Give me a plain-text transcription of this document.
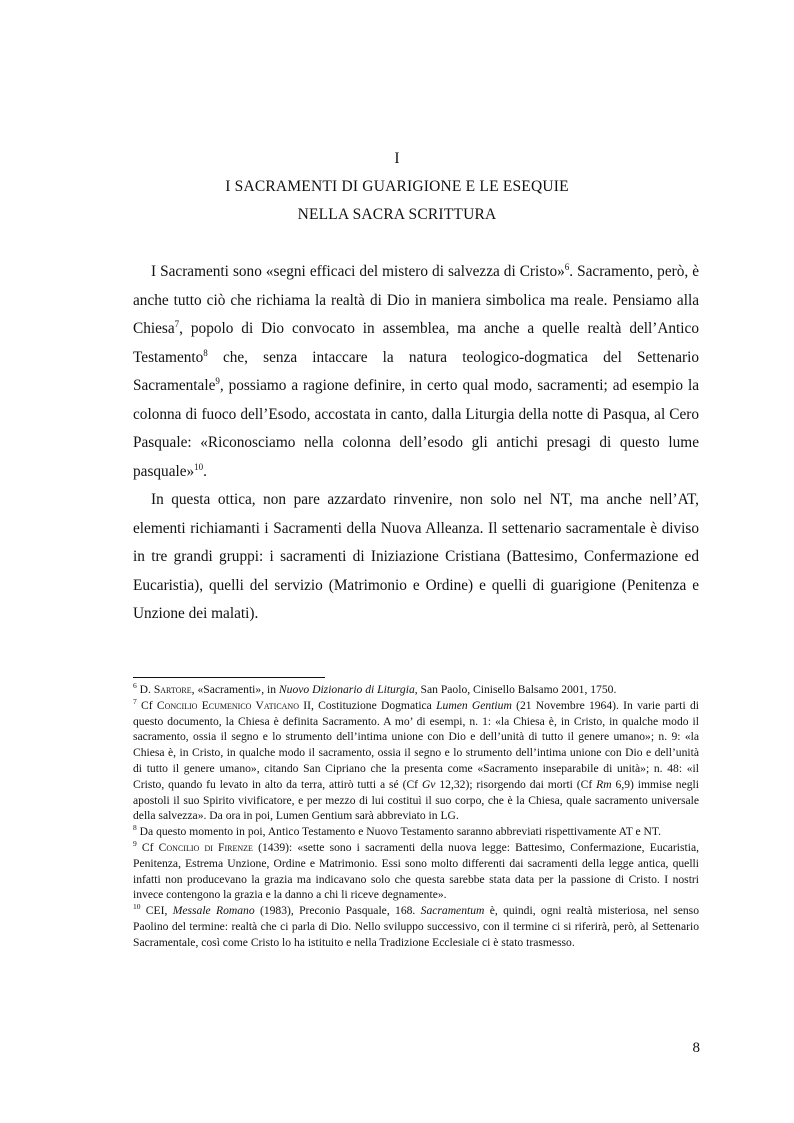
I
I SACRAMENTI DI GUARIGIONE E LE ESEQUIE
NELLA SACRA SCRITTURA

I Sacramenti sono «segni efficaci del mistero di salvezza di Cristo»$^6$. Sacramento, però, è anche tutto ciò che richiama la realtà di Dio in maniera simbolica ma reale. Pensiamo alla Chiesa$^7$, popolo di Dio convocato in assemblea, ma anche a quelle realtà dell’Antico Testamento$^8$ che, senza intaccare la natura teologico-dogmatica del Settenario Sacramentale$^9$, possiamo a ragione definire, in certo qual modo, sacramenti; ad esempio la colonna di fuoco dell’Esodo, accostata in canto, dalla Liturgia della notte di Pasqua, al Cero Pasquale: «Riconosciamo nella colonna dell’esodo gli antichi presagi di questo lume pasquale»$^{10}$.

In questa ottica, non pare azzardato rinvenire, non solo nel NT, ma anche nell’AT, elementi richiamanti i Sacramenti della Nuova Alleanza. Il settenario sacramentale è diviso in tre grandi gruppi: i sacramenti di Iniziazione Cristiana (Battesimo, Confermazione ed Eucaristia), quelli del servizio (Matrimonio e Ordine) e quelli di guarigione (Penitenza e Unzione dei malati).

$^6$ D. Sartore, «Sacramenti», in Nuovo Dizionario di Liturgia, San Paolo, Cinisello Balsamo 2001, 1750.

$^7$ Cf Concilio Ecumenico Vaticano II, Costituzione Dogmatica Lumen Gentium (21 Novembre 1964). In varie parti di questo documento, la Chiesa è definita Sacramento. A mo’ di esempi, n. 1: «la Chiesa è, in Cristo, in qualche modo il sacramento, ossia il segno e lo strumento dell’intima unione con Dio e dell’unità di tutto il genere umano»; n. 9: «la Chiesa è, in Cristo, in qualche modo il sacramento, ossia il segno e lo strumento dell’intima unione con Dio e dell’unità di tutto il genere umano», citando San Cipriano che la presenta come «Sacramento inseparabile di unità»; n. 48: «il Cristo, quando fu levato in alto da terra, attirò tutti a sé (Cf Gv 12,32); risorgendo dai morti (Cf Rm 6,9) immise negli apostoli il suo Spirito vivificatore, e per mezzo di lui costituì il suo corpo, che è la Chiesa, quale sacramento universale della salvezza». Da ora in poi, Lumen Gentium sarà abbreviato in LG.

$^8$ Da questo momento in poi, Antico Testamento e Nuovo Testamento saranno abbreviati rispettivamente AT e NT.

$^9$ Cf Concilio di Firenze (1439): «sette sono i sacramenti della nuova legge: Battesimo, Confermazione, Eucaristia, Penitenza, Estrema Unzione, Ordine e Matrimonio. Essi sono molto differenti dai sacramenti della legge antica, quelli infatti non producevano la grazia ma indicavano solo che questa sarebbe stata data per la passione di Cristo. I nostri invece contengono la grazia e la danno a chi li riceve degnamente».

$^{10}$ CEI, Messale Romano (1983), Preconio Pasquale, 168. Sacramentum è, quindi, ogni realtà misteriosa, nel senso Paolino del termine: realtà che ci parla di Dio. Nello sviluppo successivo, con il termine ci si riferirà, però, al Settenario Sacramentale, così come Cristo lo ha istituito e nella Tradizione Ecclesiale ci è stato trasmesso.

8
